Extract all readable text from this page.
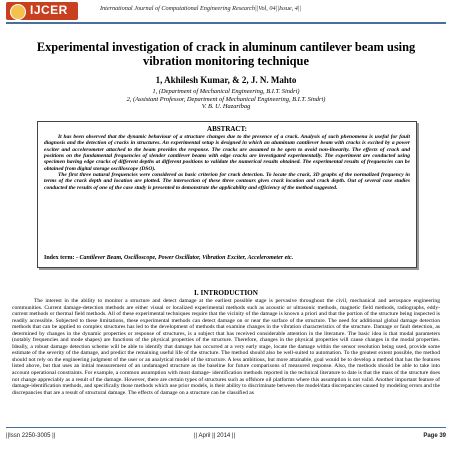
IJCER	International Journal of Computational Engineering Research||Vol, 04||Issue, 4||
Experimental investigation of crack in aluminum cantilever beam using vibration monitoring technique
1, Akhilesh Kumar, & 2, J. N. Mahto
1, (Department of Mechanical Engineering, B.I.T. Sindri)
2, (Assistant Professor, Department of Mechanical Engineering, B.I.T. Sindri)
V. B. U. Hazaribag
ABSTRACT:

It has been observed that the dynamic behaviour of a structure changes due to the presence of a crack. Analysis of such phenomena is useful for fault diagnosis and the detection of cracks in structures. An experimental setup is designed in which an aluminum cantilever beam with cracks is excited by a power exciter and accelerometer attached to the beam provides the response. The cracks are assumed to be open to avoid non-linearity. The effects of crack and positions on the fundamental frequencies of slender cantilever beams with edge cracks are investigated experimentally. The experiment are conducted using specimen having edge cracks of different depths at different positions to validate the numerical results obtained. The experimental results of frequencies can be obtained from digital storage oscilloscope (DSO).

The first three natural frequencies were considered as basic criterion for crack detection. To locate the crack, 3D graphs of the normalized frequency in terms of the crack depth and location are plotted. The intersection of these three contours gives crack location and crack depth. Out of several case studies conducted the results of one of the case study is presented to demonstrate the applicability and efficiency of the method suggested.

Index term: - Cantilever Beam, Oscilloscope, Power Oscillator, Vibration Exciter, Accelerometer etc.
I. INTRODUCTION

The interest in the ability to monitor a structure and detect damage at the earliest possible stage is pervasive throughout the civil, mechanical and aerospace engineering communities. Current damage-detection methods are either visual or localized experimental methods such as acoustic or ultrasonic methods, magnetic field methods, radiographs, eddy-current methods or thermal field methods. All of these experimental techniques require that the vicinity of the damage is known a priori and that the portion of the structure being inspected is readily accessible. Subjected to these limitations, these experimental methods can detect damage on or near the surface of the structure. The need for additional global damage detection methods that can be applied to complex structures has led to the development of methods that examine changes in the vibration characteristics of the structure. Damage or fault detection, as determined by changes in the dynamic properties or response of structures, is a subject that has received considerable attention in the literature. The basic idea is that modal parameters (notably frequencies and mode shapes) are functions of the physical properties of the structure. Therefore, changes in the physical properties will cause changes in the modal properties. Ideally, a robust damage detection scheme will be able to identify that damage has occurred at a very early stage, locate the damage within the sensor resolution being used, provide some estimate of the severity of the damage, and predict the remaining useful life of the structure. The method should also be well-suited to automation. To the greatest extent possible, the method should not rely on the engineering judgment of the user or an analytical model of the structure. A less ambitious, but more attainable, goal would be to develop a method that has the features listed above, but that uses an initial measurement of an undamaged structure as the baseline for future comparisons of measured response. Also, the methods should be able to take into account operational constraints. For example, a common assumption with most damage- identification methods reported in the technical literature to date is that the mass of the structure does not change appreciably as a result of the damage. However, there are certain types of structures such as offshore oil platforms where this assumption is not valid. Another important feature of damage-identification methods, and specifically those methods which use prior models, is their ability to discriminate between the model/data discrepancies caused by modeling errors and the discrepancies that are a result of structural damage. The effects of damage on a structure can be classified as

||Issn 2250-3005 ||	|| April || 2014 ||	Page 39
